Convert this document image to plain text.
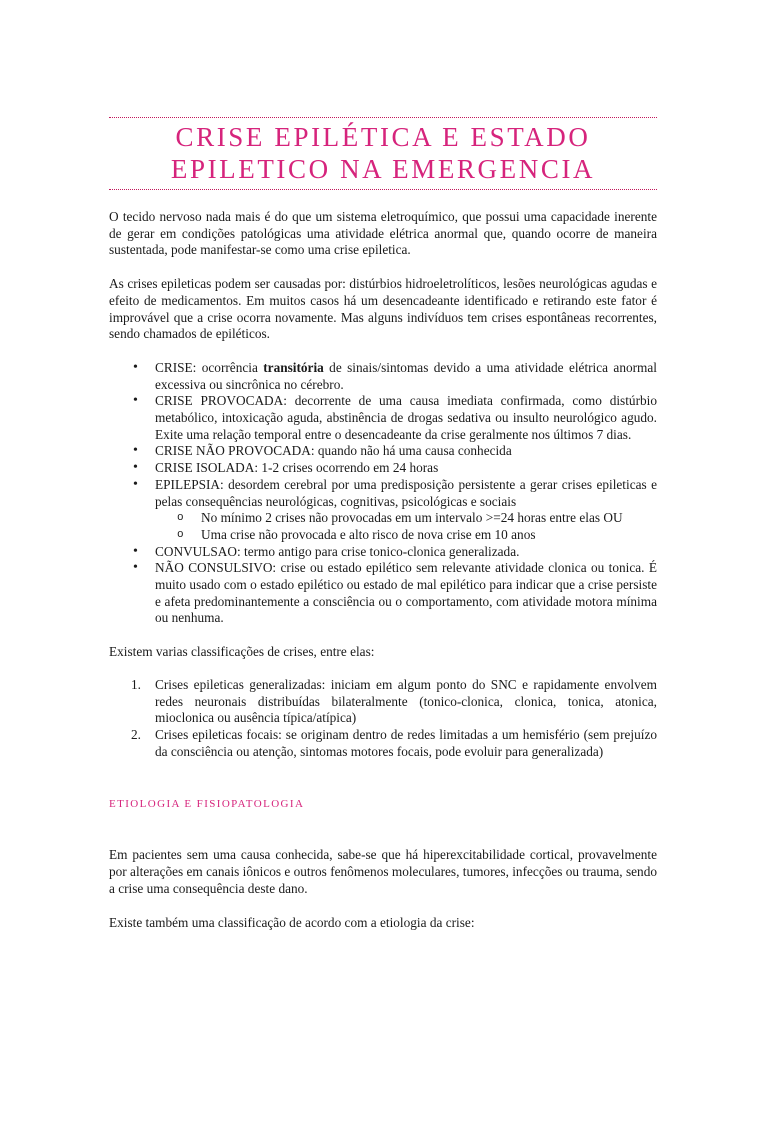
CRISE EPILÉTICA E ESTADO EPILETICO NA EMERGENCIA

O tecido nervoso nada mais é do que um sistema eletroquímico, que possui uma capacidade inerente de gerar em condições patológicas uma atividade elétrica anormal que, quando ocorre de maneira sustentada, pode manifestar-se como uma crise epiletica.

As crises epileticas podem ser causadas por: distúrbios hidroeletrolíticos, lesões neurológicas agudas e efeito de medicamentos. Em muitos casos há um desencadeante identificado e retirando este fator é improvável que a crise ocorra novamente. Mas alguns indivíduos tem crises espontâneas recorrentes, sendo chamados de epiléticos.

• CRISE: ocorrência transitória de sinais/sintomas devido a uma atividade elétrica anormal excessiva ou sincrônica no cérebro.
• CRISE PROVOCADA: decorrente de uma causa imediata confirmada, como distúrbio metabólico, intoxicação aguda, abstinência de drogas sedativa ou insulto neurológico agudo. Exite uma relação temporal entre o desencadeante da crise geralmente nos últimos 7 dias.
• CRISE NÃO PROVOCADA: quando não há uma causa conhecida
• CRISE ISOLADA: 1-2 crises ocorrendo em 24 horas
• EPILEPSIA: desordem cerebral por uma predisposição persistente a gerar crises epileticas e pelas consequências neurológicas, cognitivas, psicológicas e sociais
o No mínimo 2 crises não provocadas em um intervalo >=24 horas entre elas OU
o Uma crise não provocada e alto risco de nova crise em 10 anos
• CONVULSAO: termo antigo para crise tonico-clonica generalizada.
• NÃO CONSULSIVO: crise ou estado epilético sem relevante atividade clonica ou tonica. É muito usado com o estado epilético ou estado de mal epilético para indicar que a crise persiste e afeta predominantemente a consciência ou o comportamento, com atividade motora mínima ou nenhuma.

Existem varias classificações de crises, entre elas:

1. Crises epileticas generalizadas: iniciam em algum ponto do SNC e rapidamente envolvem redes neuronais distribuídas bilateralmente (tonico-clonica, clonica, tonica, atonica, mioclonica ou ausência típica/atípica)
2. Crises epileticas focais: se originam dentro de redes limitadas a um hemisfério (sem prejuízo da consciência ou atenção, sintomas motores focais, pode evoluir para generalizada)
ETIOLOGIA E FISIOPATOLOGIA

Em pacientes sem uma causa conhecida, sabe-se que há hiperexcitabilidade cortical, provavelmente por alterações em canais iônicos e outros fenômenos moleculares, tumores, infecções ou trauma, sendo a crise uma consequência deste dano.

Existe também uma classificação de acordo com a etiologia da crise:
